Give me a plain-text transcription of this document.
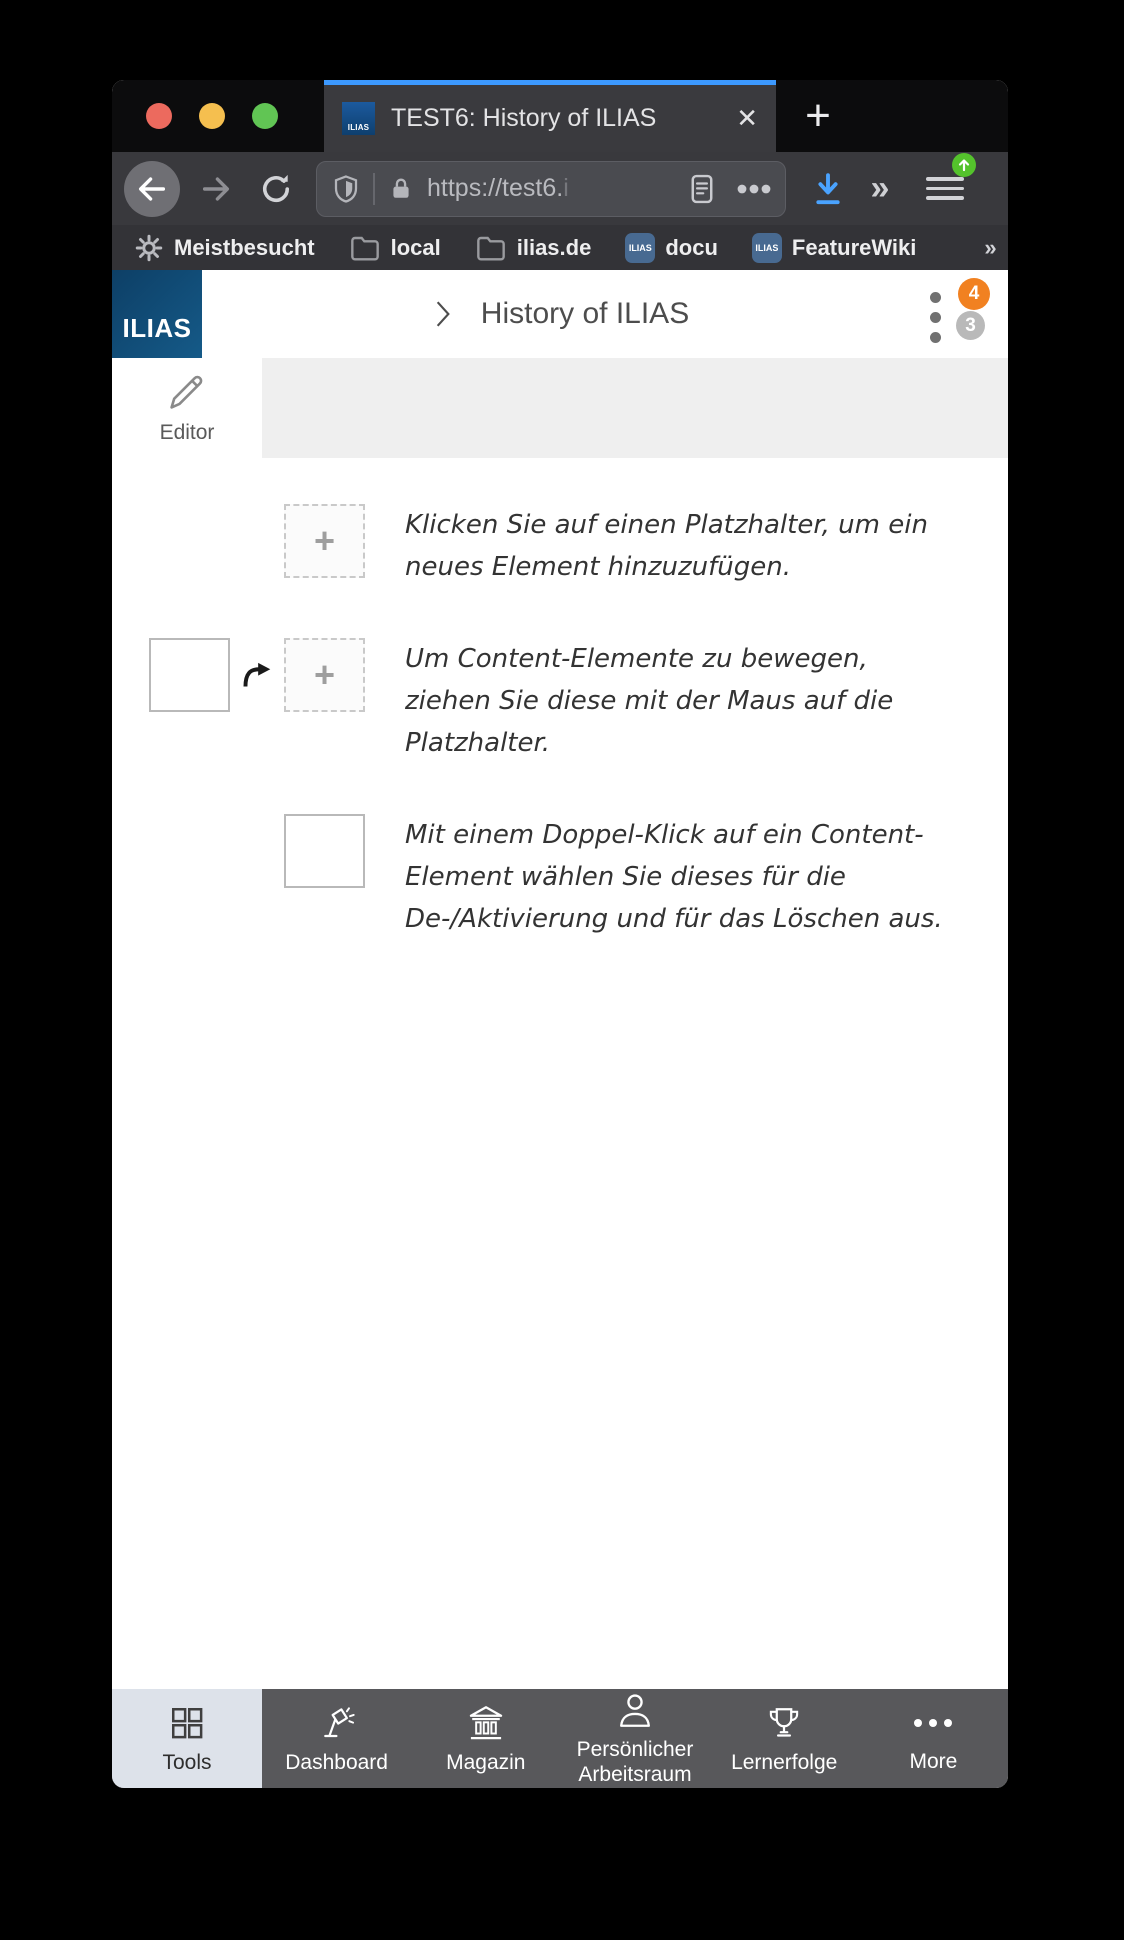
ILIAS TEST6: History of ILIAS	✕	+
https://test6.i	»
Meistbesucht	local	ilias.de	ILIAS docu	ILIAS FeatureWiki	»
ILIAS	History of ILIAS
4
3
Editor
+	Klicken Sie auf einen Platzhalter, um ein neues Element hinzuzufügen.
+	Um Content-Elemente zu bewegen, ziehen Sie diese mit der Maus auf die Platzhalter.
Mit einem Doppel-Klick auf ein Content-Element wählen Sie dieses für die De-/Aktivierung und für das Löschen aus.
Tools	Dashboard	Magazin
Persönlicher Arbeitsraum
Lernerfolge	More
